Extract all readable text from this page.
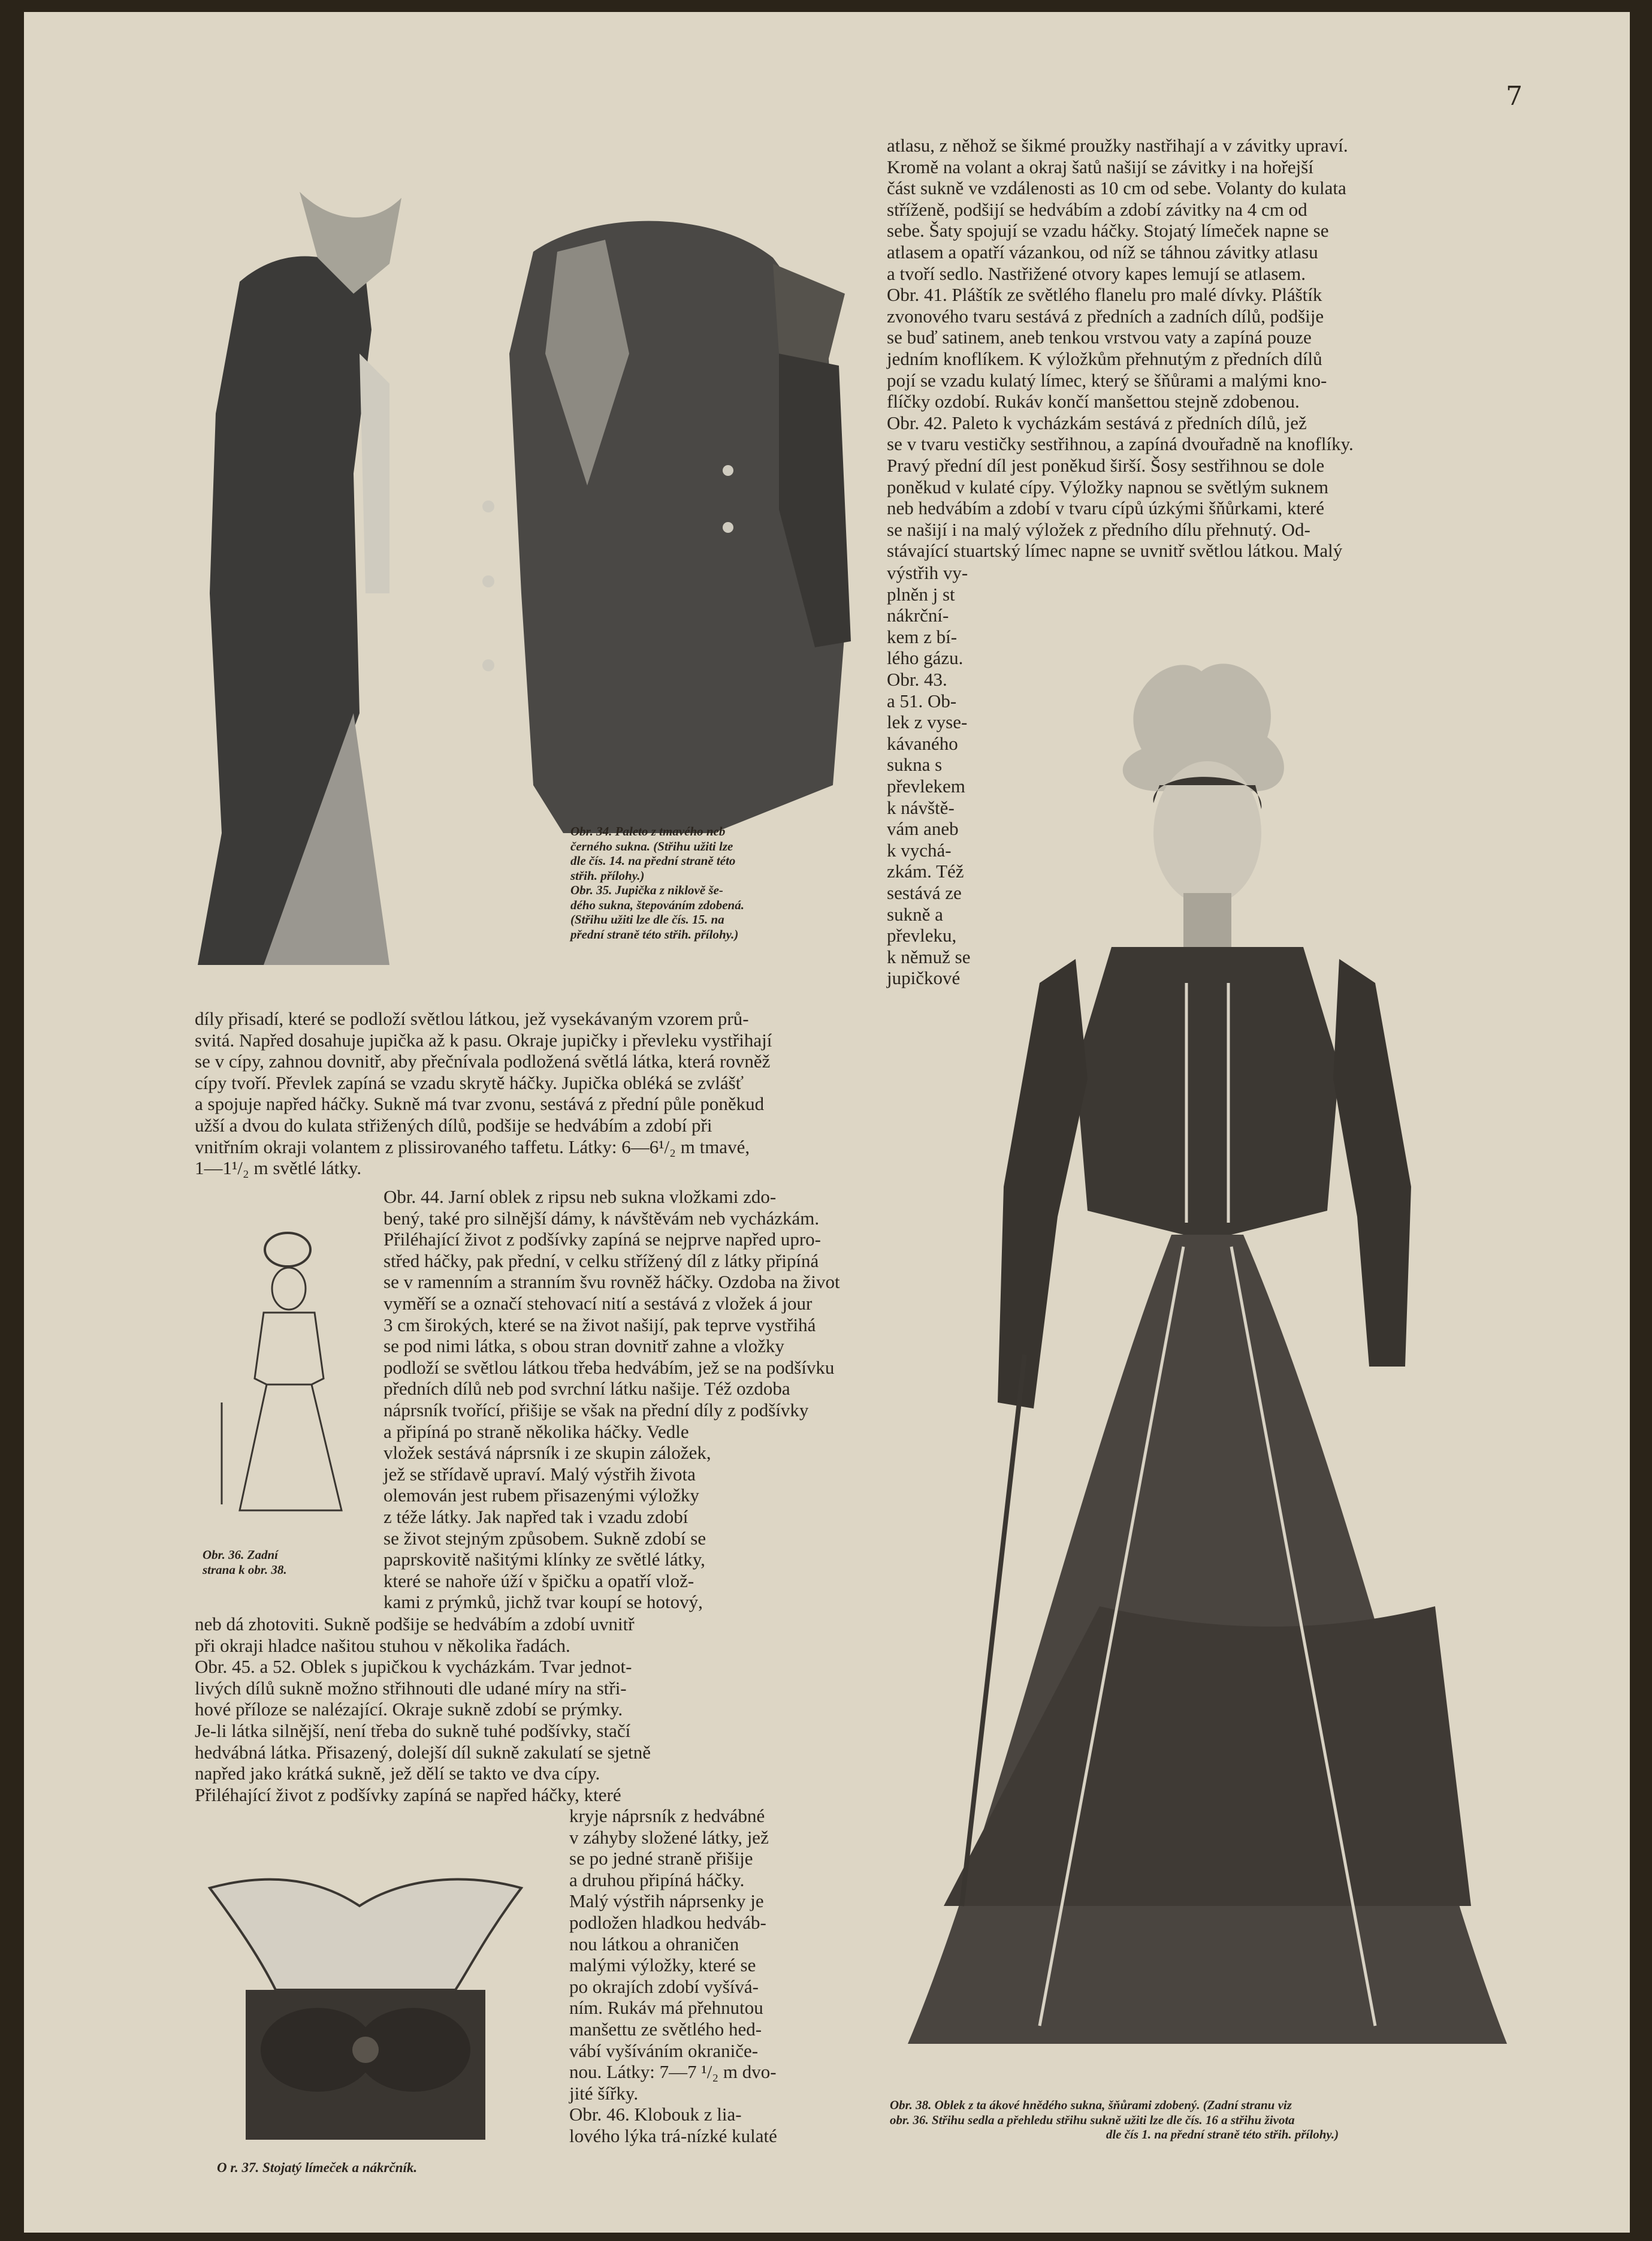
7

Obr. 34. Paleto z tmavého neb
černého sukna. (Střihu užiti lze
dle čís. 14. na přední straně této
střih. přílohy.)
Obr. 35. Jupička z niklově še-
dého sukna, štepováním zdobená.
(Střihu užiti lze dle čís. 15. na
přední straně této střih. přílohy.)

atlasu, z něhož se šikmé proužky nastřihají a v závitky upraví.
Kromě na volant a okraj šatů našijí se závitky i na hořejší
část sukně ve vzdálenosti as 10 cm od sebe. Volanty do kulata
stříženě, podšijí se hedvábím a zdobí závitky na 4 cm od
sebe. Šaty spojují se vzadu háčky. Stojatý límeček napne se
atlasem a opatří vázankou, od níž se táhnou závitky atlasu
a tvoří sedlo. Nastřižené otvory kapes lemují se atlasem.
Obr. 41. Pláštík ze světlého flanelu pro malé dívky. Pláštík
zvonového tvaru sestává z předních a zadních dílů, podšije
se buď satinem, aneb tenkou vrstvou vaty a zapíná pouze
jedním knoflíkem. K výložkům přehnutým z předních dílů
pojí se vzadu kulatý límec, který se šňůrami a malými kno-
flíčky ozdobí. Rukáv končí manšettou stejně zdobenou.
Obr. 42. Paleto k vycházkám sestává z předních dílů, jež
se v tvaru vestičky sestřihnou, a zapíná dvouřadně na knoflíky.
Pravý přední díl jest poněkud širší. Šosy sestřihnou se dole
poněkud v kulaté cípy. Výložky napnou se světlým suknem
neb hedvábím a zdobí v tvaru cípů úzkými šňůrkami, které
se našijí i na malý výložek z předního dílu přehnutý. Od-
stávající stuartský límec napne se uvnitř světlou látkou. Malý

výstřih vy-
plněn j st
nákrční-
kem z bí-
lého gázu.
Obr. 43.
a 51. Ob-
lek z vyse-
kávaného
sukna s
převlekem
k návště-
vám aneb
k vychá-
zkám. Též
sestává ze
sukně a
převleku,
k němuž se
jupičkové

díly přisadí, které se podloží světlou látkou, jež vysekávaným vzorem prů-
svitá. Napřed dosahuje jupička až k pasu. Okraje jupičky i převleku vystřihají
se v cípy, zahnou dovnitř, aby přečnívala podložená světlá látka, která rovněž
cípy tvoří. Převlek zapíná se vzadu skrytě háčky. Jupička obléká se zvlášť
a spojuje napřed háčky. Sukně má tvar zvonu, sestává z přední půle poněkud
užší a dvou do kulata střižených dílů, podšije se hedvábím a zdobí při
vnitřním okraji volantem z plissirovaného taffetu. Látky: 6—6¹/₂ m tmavé,
1—1¹/₂ m světlé látky.

Obr. 36. Zadní
strana k obr. 38.

Obr. 44. Jarní oblek z ripsu neb sukna vložkami zdo-
bený, také pro silnější dámy, k návštěvám neb vycházkám.
Přiléhající život z podšívky zapíná se nejprve napřed upro-
střed háčky, pak přední, v celku střížený díl z látky připíná
se v ramenním a stranním švu rovněž háčky. Ozdoba na život
vyměří se a označí stehovací nití a sestává z vložek á jour
3 cm širokých, které se na život našijí, pak teprve vystřihá
se pod nimi látka, s obou stran dovnitř zahne a vložky
podloží se světlou látkou třeba hedvábím, jež se na podšívku
předních dílů neb pod svrchní látku našije. Též ozdoba
náprsník tvořící, přišije se však na přední díly z podšívky
a připíná po straně několika háčky. Vedle
vložek sestává náprsník i ze skupin záložek,
jež se střídavě upraví. Malý výstřih života
olemován jest rubem přisazenými výložky
z téže látky. Jak napřed tak i vzadu zdobí
se život stejným způsobem. Sukně zdobí se
paprskovitě našitými klínky ze světlé látky,
které se nahoře úží v špičku a opatří vlož-
kami z prýmků, jichž tvar koupí se hotový,

neb dá zhotoviti. Sukně podšije se hedvábím a zdobí uvnitř
při okraji hladce našitou stuhou v několika řadách.
Obr. 45. a 52. Oblek s jupičkou k vycházkám. Tvar jednot-
livých dílů sukně možno střihnouti dle udané míry na stři-
hové příloze se nalézající. Okraje sukně zdobí se prýmky.
Je-li látka silnější, není třeba do sukně tuhé podšívky, stačí
hedvábná látka. Přisazený, dolejší díl sukně zakulatí se sjetně
napřed jako krátká sukně, jež dělí se takto ve dva cípy.
Přiléhající život z podšívky zapíná se napřed háčky, které

O r. 37. Stojatý límeček a nákrčník.

kryje náprsník z hedvábné
v záhyby složené látky, jež
se po jedné straně přišije
a druhou připíná háčky.
Malý výstřih náprsenky je
podložen hladkou hedváb-
nou látkou a ohraničen
malými výložky, které se
po okrajích zdobí vyšívá-
ním. Rukáv má přehnutou
manšettu ze světlého hed-
vábí vyšíváním okraničе-
nou. Látky: 7—7 ¹/₂ m dvo-
jité šířky.
Obr. 46. Klobouk z lia-
lového lýka trá-nízké kulaté

Obr. 38. Oblek z ta ákové hnědého sukna, šňůrami zdobený. (Zadní stranu viz
obr. 36. Střihu sedla a přehledu střihu sukně užiti lze dle čís. 16 a střihu života
dle čís 1. na přední straně této střih. přílohy.)
